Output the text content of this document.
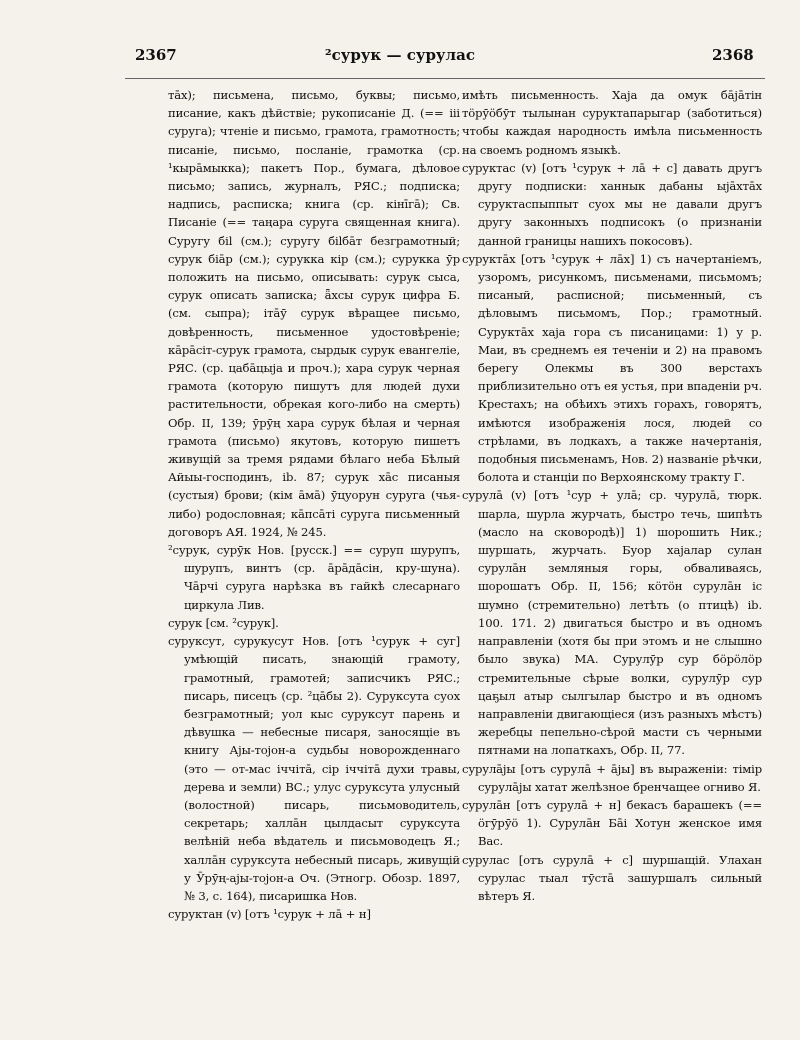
2367	²сурук — сурулас	2368

тāх); письмена, письмо, буквы; письмо, писание, какъ дѣйствіе; рукописаніе Д. (== ііі суруга); чтеніе и письмо, грамота, грамотность; писаніе, письмо, посланіе, грамотка (ср. ¹кырāмыкка); пакетъ Пор., бумага, дѣловое письмо; запись, журналъ, РЯС.; подписка; надпись, расписка; книга (ср. кінīгā); Св. Писаніе (== таңара суруга священная книга). Суругу біl (см.); суругу біlбāт безграмотный; сурук біāр (см.); сурукка кір (см.); сурукка ӯр положить на письмо, описывать: сурук сыса, сурук описать записка; ǟхсы сурук цифра Б. (см. сыпра); ітāӯ сурук вѣращее письмо, довѣренность, письменное удостовѣреніе; кāрāсіт-сурук грамота, сырдык сурук евангеліе, РЯС. (ср. цабāцыја и проч.); хара сурук черная грамота (которую пишутъ для людей духи растительности, обрекая кого-либо на смерть) Обр. II, 139; ӯрӯң хара сурук бѣлая и черная грамота (письмо) якутовъ, которую пишетъ живущій за тремя рядами бѣлаго неба Бѣлый Айыы-господинъ, ib. 87; сурук хāс писаныя (сустыя) брови; (кім āмā) ӯцуорун суруга (чья-либо) родословная; кāпсāті суруга письменный договоръ АЯ. 1924, № 245.

²сурук, сурӯк Нов. [русск.] == суруп шурупъ, шурупъ, винтъ (ср. āрāдāсін, кру-шуна). Чāрчі суруга нарѣзка въ гайкѣ слесарнаго циркула Лив.

сурук [см. ²сурук].

суруксут, сурукусут Нов. [отъ ¹сурук + суг] умѣющій писать, знающій грамоту, грамотный, грамотей; записчикъ РЯС.; писарь, писецъ (ср. ²цāбы 2). Суруксута суох безграмотный; уол кыс суруксут парень и дѣвушка — небесные писаря, заносящіе въ книгу Ајы-тојон-а судьбы новорожденнаго (это — от-мас іччітā, сір іччітā духи травы, дерева и земли) ВС.; улус суруксута улусный (волостной) писарь, письмоводитель, секретарь; халлāн цылдасыт суруксута велѣній неба вѣдатель и письмоводецъ Я.; халлāн суруксута небесный писарь, живущій у Ӯрӯң-ајы-тојон-а Оч. (Этногр. Обозр. 1897, № 3, с. 164), писаришка Нов.

суруктан (v) [отъ ¹сурук + лā + н]

имѣть письменность. Хаја да омук бāјāтін тöрӯöбӯт тылынан суруктапарыгар (заботиться) чтобы каждая народность имѣла письменность на своемъ родномъ языкѣ.

суруктас (v) [отъ ¹сурук + лā + с] давать другъ другу подписки: ханнык дабаны ыјāхтāх суруктаспыппыт суох мы не давали другъ другу законныхъ подписокъ (о признаніи данной границы нашихъ покосовъ).

суруктāх [отъ ¹сурук + лāх] 1) съ начертаніемъ, узоромъ, рисункомъ, письменами, письмомъ; писаный, расписной; письменный, съ дѣловымъ письмомъ, Пор.; грамотный. Суруктāх хаја гора съ писаницами: 1) у р. Маи, въ среднемъ ея теченіи и 2) на правомъ берегу Олекмы въ 300 верстахъ приблизительно отъ ея устья, при впаденіи рч. Крестахъ; на обѣихъ этихъ горахъ, говорятъ, имѣются изображенія лося, людей со стрѣлами, въ лодкахъ, а также начертанія, подобныя письменамъ, Нов. 2) названіе рѣчки, болота и станціи по Верхоянскому тракту Г.

сурулā (v) [отъ ¹сур + улā; ср. чурулā, тюрк. шарла, шурла журчать, быстро течь, шипѣть (масло на сковородѣ)] 1) шорошить Ник.; шуршать, журчать. Буор хајалар сулан сурулāн земляныя горы, обваливаясь, шорошатъ Обр. II, 156; кöтöн сурулāн іс шумно (стремительно) летѣть (о птицѣ) ib. 100. 171. 2) двигаться быстро и въ одномъ направленіи (хотя бы при этомъ и не слышно было звука) МА. Сурулӯр сур бöрöлöр стремительные сѣрые волки, сурулӯр сур цаҕыл атыр сылгылар быстро и въ одномъ направленіи двигающіеся (изъ разныхъ мѣстъ) жеребцы пепельно-сѣрой масти съ черными пятнами на лопаткахъ, Обр. II, 77.

сурулāјы [отъ сурулā + āјы] въ выраженіи: тімір сурулāјы хатат желѣзное бренчащее огниво Я.

сурулāн [отъ сурулā + н] бекасъ барашекъ (== öгӯрӯö 1). Сурулāн Бāі Хотун женское имя Вас.

сурулас [отъ сурулā + с] шуршащій. Улахан сурулас тыал тӯстā зашуршалъ сильный вѣтеръ Я.
